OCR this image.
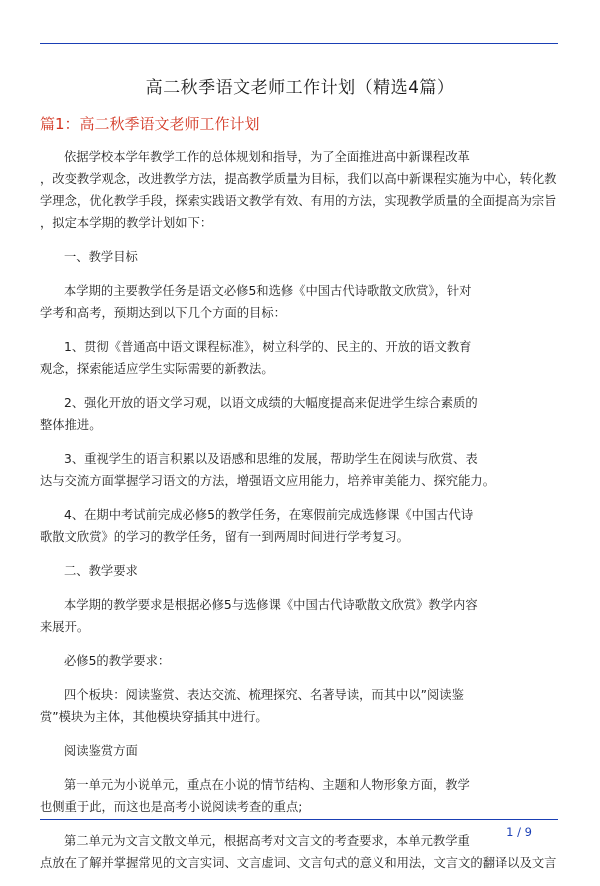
高二秋季语文老师工作计划（精选4篇）
篇1：高二秋季语文老师工作计划

依据学校本学年教学工作的总体规划和指导，为了全面推进高中新课程改革
，改变教学观念，改进教学方法，提高教学质量为目标，我们以高中新课程实施为中心，转化教
学理念，优化教学手段，探索实践语文教学有效、有用的方法，实现教学质量的全面提高为宗旨
，拟定本学期的教学计划如下：

一、教学目标

本学期的主要教学任务是语文必修5和选修《中国古代诗歌散文欣赏》，针对
学考和高考，预期达到以下几个方面的目标：

1、贯彻《普通高中语文课程标准》，树立科学的、民主的、开放的语文教育
观念，探索能适应学生实际需要的新教法。

2、强化开放的语文学习观，以语文成绩的大幅度提高来促进学生综合素质的
整体推进。

3、重视学生的语言积累以及语感和思维的发展，帮助学生在阅读与欣赏、表
达与交流方面掌握学习语文的方法，增强语文应用能力，培养审美能力、探究能力。

4、在期中考试前完成必修5的教学任务，在寒假前完成选修课《中国古代诗
歌散文欣赏》的学习的教学任务，留有一到两周时间进行学考复习。

二、教学要求

本学期的教学要求是根据必修5与选修课《中国古代诗歌散文欣赏》教学内容
来展开。

必修5的教学要求：

四个板块：阅读鉴赏、表达交流、梳理探究、名著导读，而其中以”阅读鉴
赏”模块为主体，其他模块穿插其中进行。

阅读鉴赏方面

第一单元为小说单元，重点在小说的情节结构、主题和人物形象方面，教学
也侧重于此，而这也是高考小说阅读考查的重点;

第二单元为文言文散文单元，根据高考对文言文的考查要求，本单元教学重
点放在了解并掌握常见的文言实词、文言虚词、文言句式的意义和用法，文言文的翻译以及文言

1 / 9
